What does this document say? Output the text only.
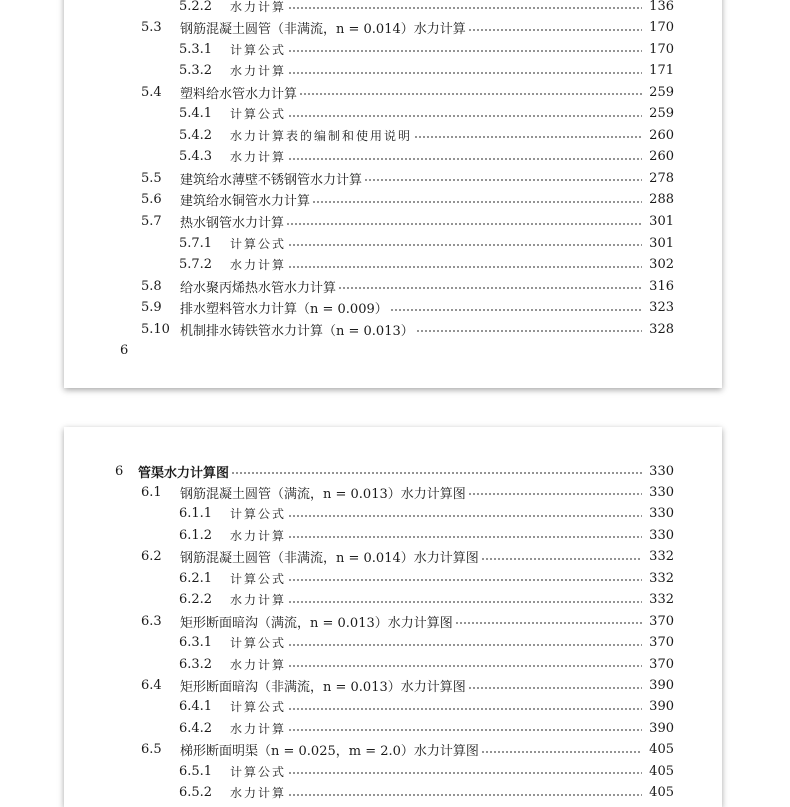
6
5.2.2	水力计算	136
5.3	钢筋混凝土圆管（非满流，n = 0.014）水力计算	170
5.3.1	计算公式	170
5.3.2	水力计算	171
5.4	塑料给水管水力计算	259
5.4.1	计算公式	259
5.4.2	水力计算表的编制和使用说明	260
5.4.3	水力计算	260
5.5	建筑给水薄壁不锈钢管水力计算	278
5.6	建筑给水铜管水力计算	288
5.7	热水钢管水力计算	301
5.7.1	计算公式	301
5.7.2	水力计算	302
5.8	给水聚丙烯热水管水力计算	316
5.9	排水塑料管水力计算（n = 0.009）	323
5.10 机制排水铸铁管水力计算（n = 0.013）	328
6	管渠水力计算图	330
6.1	钢筋混凝土圆管（满流，n = 0.013）水力计算图	330
6.1.1	计算公式	330
6.1.2	水力计算	330
6.2	钢筋混凝土圆管（非满流，n = 0.014）水力计算图	332
6.2.1	计算公式	332
6.2.2	水力计算	332
6.3	矩形断面暗沟（满流，n = 0.013）水力计算图	370
6.3.1	计算公式	370
6.3.2	水力计算	370
6.4	矩形断面暗沟（非满流，n = 0.013）水力计算图	390
6.4.1	计算公式	390
6.4.2	水力计算	390
6.5	梯形断面明渠（n = 0.025，m = 2.0）水力计算图	405
6.5.1	计算公式	405
6.5.2	水力计算	405
